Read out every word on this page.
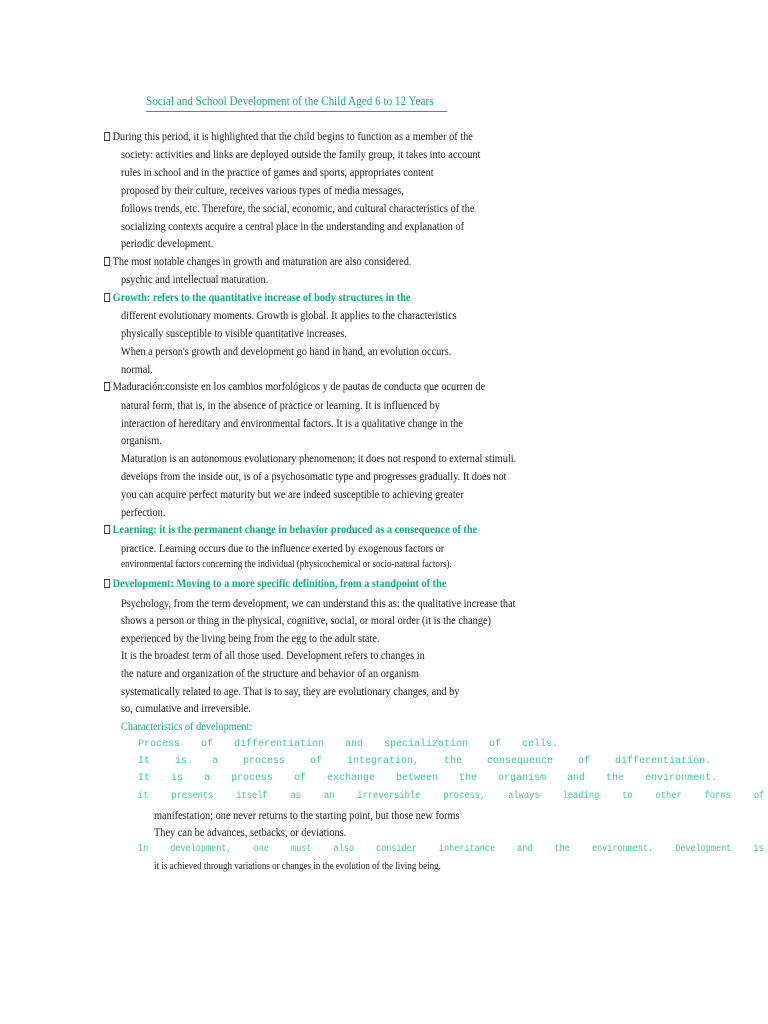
Social and School Development of the Child Aged 6 to 12 Years
During this period, it is highlighted that the child begins to function as a member of the
society: activities and links are deployed outside the family group, it takes into account
rules in school and in the practice of games and sports, appropriates content
proposed by their culture, receives various types of media messages,
follows trends, etc. Therefore, the social, economic, and cultural characteristics of the
socializing contexts acquire a central place in the understanding and explanation of
periodic development.
The most notable changes in growth and maturation are also considered.
psychic and intellectual maturation.
Growth: refers to the quantitative increase of body structures in the
different evolutionary moments. Growth is global. It applies to the characteristics
physically susceptible to visible quantitative increases.
When a person's growth and development go hand in hand, an evolution occurs.
normal.
Maduración:consiste en los cambios morfológicos y de pautas de conducta que ocurren de
natural form, that is, in the absence of practice or learning. It is influenced by
interaction of hereditary and environmental factors. It is a qualitative change in the
organism.
Maturation is an autonomous evolutionary phenomenon; it does not respond to external stimuli.
develops from the inside out, is of a psychosomatic type and progresses gradually. It does not
you can acquire perfect maturity but we are indeed susceptible to achieving greater
perfection.
Learning: it is the permanent change in behavior produced as a consequence of the
practice. Learning occurs due to the influence exerted by exogenous factors or
environmental factors concerning the individual (physicochemical or socio-natural factors).
Development: Moving to a more specific definition, from a standpoint of the
Psychology, from the term development, we can understand this as: the qualitative increase that
shows a person or thing in the physical, cognitive, social, or moral order (it is the change)
experienced by the living being from the egg to the adult state.
It is the broadest term of all those used. Development refers to changes in
the nature and organization of the structure and behavior of an organism
systematically related to age. That is to say, they are evolutionary changes, and by
so, cumulative and irreversible.
Characteristics of development:
Process of differentiation and specialization of cells.
It is a process of integration, the consequence of differentiation.
It is a process of exchange between the organism and the environment.
it presents itself as an irreversible process, always leading to other forms of
manifestation; one never returns to the starting point, but those new forms
They can be advances, setbacks, or deviations.
In development, one must also consider inheritance and the environment. Development is
it is achieved through variations or changes in the evolution of the living being.
